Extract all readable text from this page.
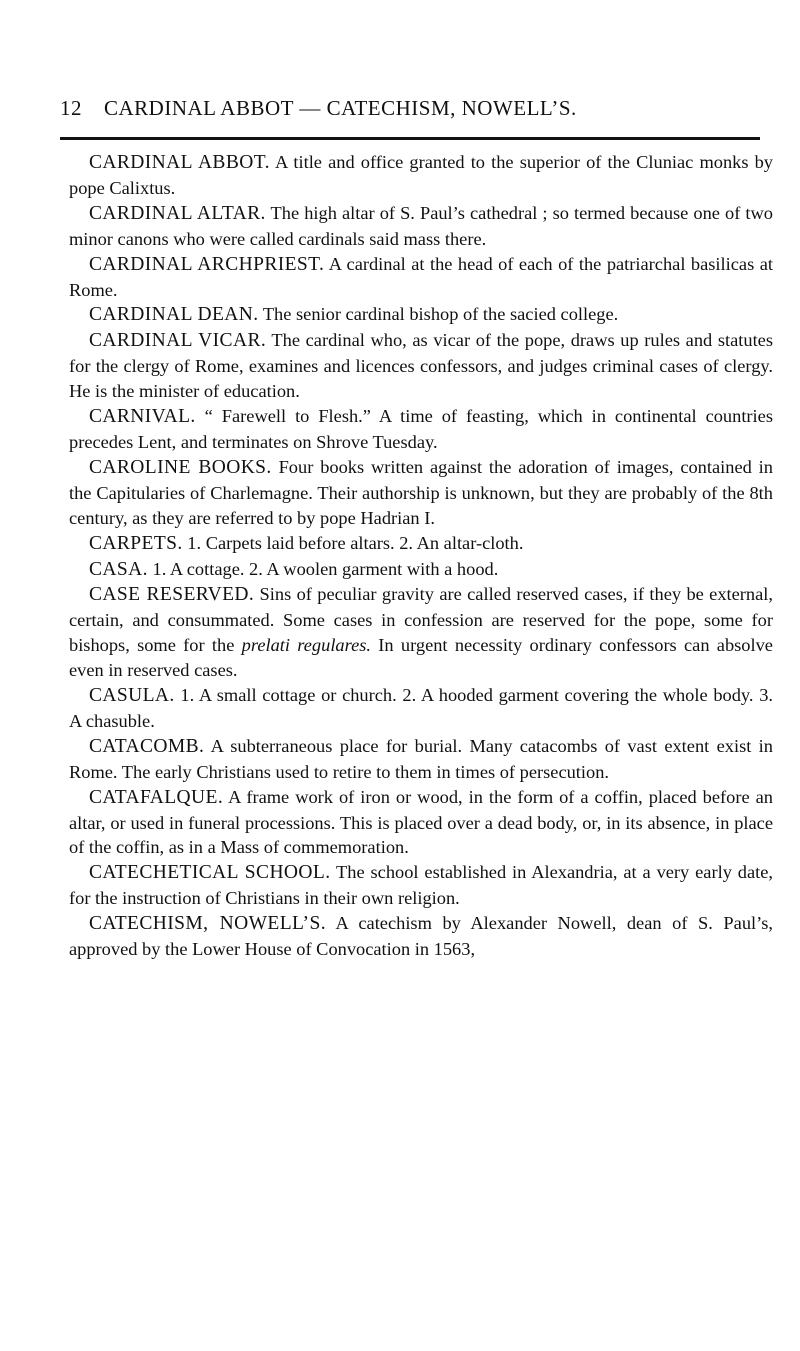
12 CARDINAL ABBOT — CATECHISM, NOWELL’S.

CARDINAL ABBOT. A title and office granted to the superior of the Cluniac monks by pope Calixtus.

CARDINAL ALTAR. The high altar of S. Paul’s cathedral ; so termed because one of two minor canons who were called cardinals said mass there.

CARDINAL ARCHPRIEST. A cardinal at the head of each of the patriarchal basilicas at Rome.

CARDINAL DEAN. The senior cardinal bishop of the sacied college.

CARDINAL VICAR. The cardinal who, as vicar of the pope, draws up rules and statutes for the clergy of Rome, examines and licences confessors, and judges criminal cases of clergy. He is the minister of education.

CARNIVAL. “ Farewell to Flesh.” A time of feasting, which in continental countries precedes Lent, and terminates on Shrove Tuesday.

CAROLINE BOOKS. Four books written against the adoration of images, contained in the Capitularies of Charlemagne. Their authorship is unknown, but they are probably of the 8th century, as they are referred to by pope Hadrian I.

CARPETS. 1. Carpets laid before altars. 2. An altar-cloth.

CASA. 1. A cottage. 2. A woolen garment with a hood.

CASE RESERVED. Sins of peculiar gravity are called reserved cases, if they be external, certain, and consummated. Some cases in confession are reserved for the pope, some for bishops, some for the prelati regulares. In urgent necessity ordinary confessors can absolve even in reserved cases.

CASULA. 1. A small cottage or church. 2. A hooded garment covering the whole body. 3. A chasuble.

CATACOMB. A subterraneous place for burial. Many catacombs of vast extent exist in Rome. The early Christians used to retire to them in times of persecution.

CATAFALQUE. A frame work of iron or wood, in the form of a coffin, placed before an altar, or used in funeral processions. This is placed over a dead body, or, in its absence, in place of the coffin, as in a Mass of commemoration.

CATECHETICAL SCHOOL. The school established in Alexandria, at a very early date, for the instruction of Christians in their own religion.

CATECHISM, NOWELL’S. A catechism by Alexander Nowell, dean of S. Paul’s, approved by the Lower House of Convocation in 1563,
